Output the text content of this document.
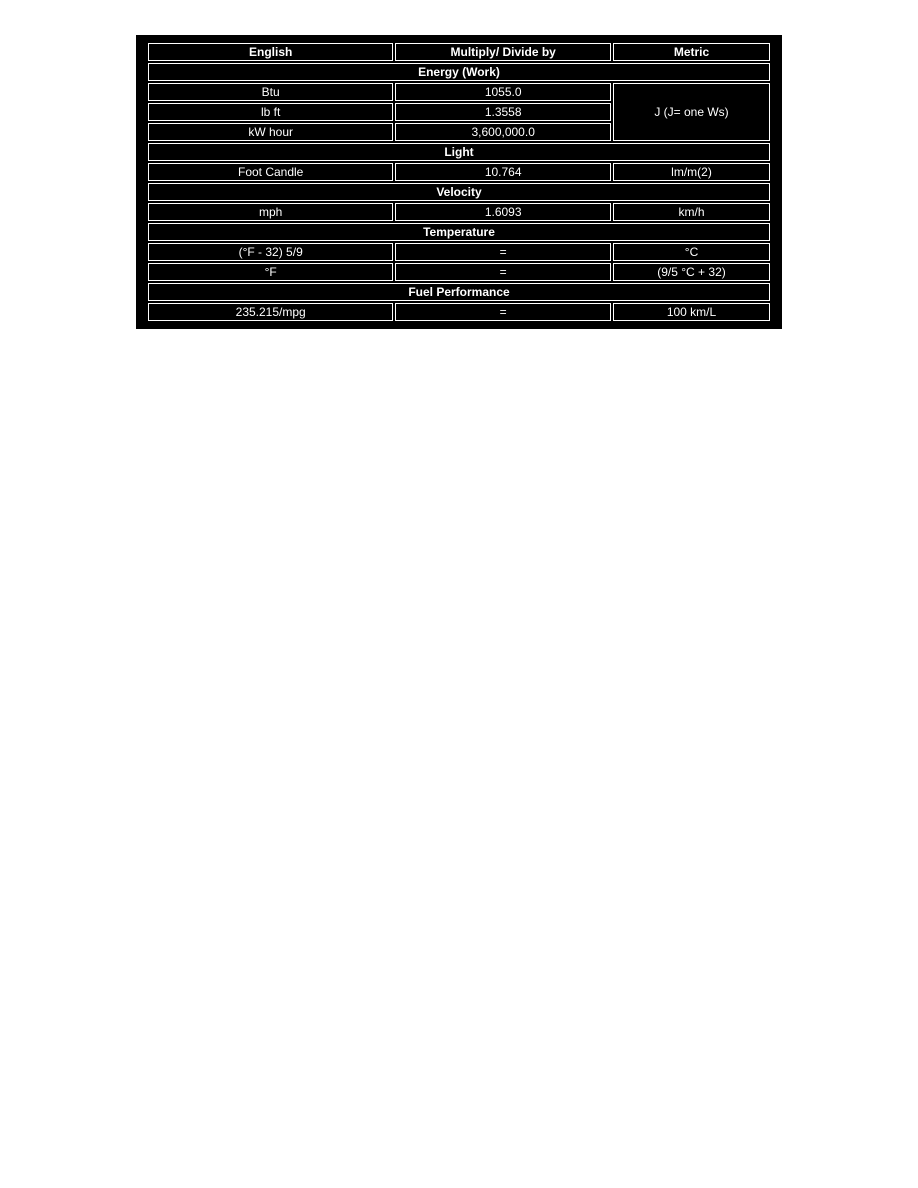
English	Multiply/ Divide by	Metric
Energy (Work)		
Btu	1055.0	J (J= one Ws)
lb ft	1.3558	
kW hour	3,600,000.0	
Light		
Foot Candle	10.764	lm/m(2)
Velocity		
mph	1.6093	km/h
Temperature		
(°F - 32) 5/9	=	°C
°F	=	(9/5 °C + 32)
Fuel Performance		
235.215/mpg	=	100 km/L
